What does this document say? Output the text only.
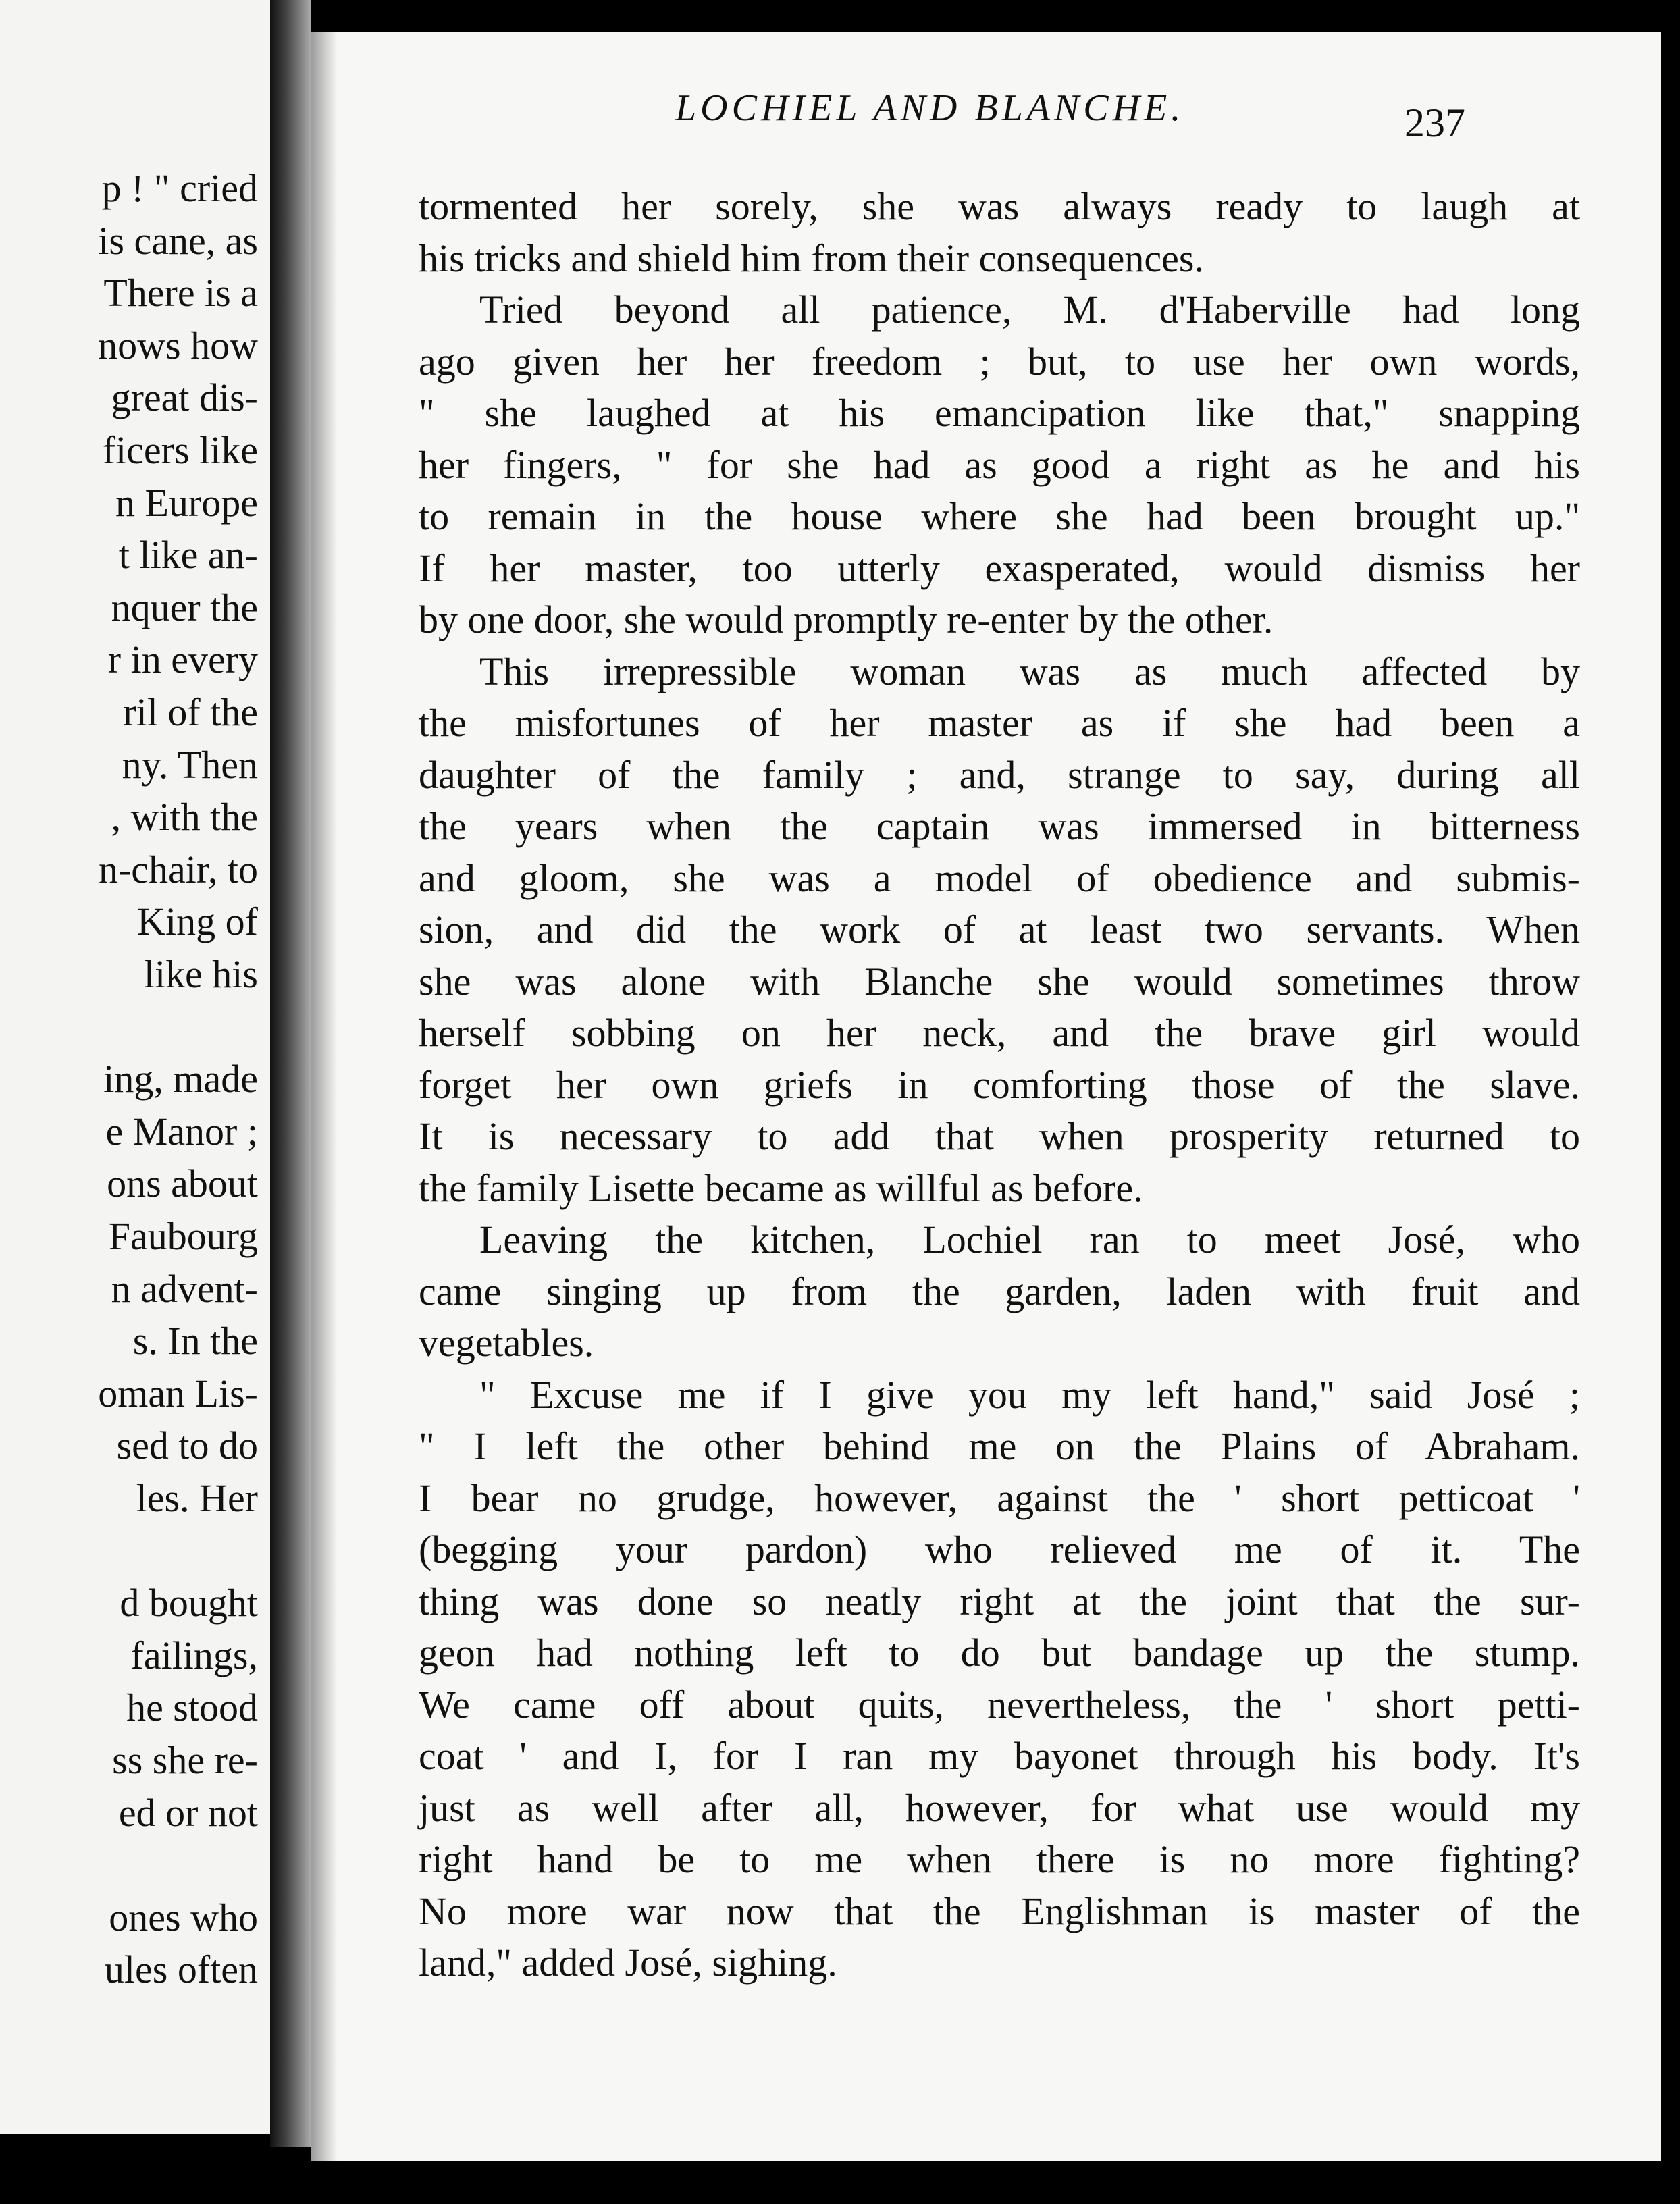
p ! " cried
is cane, as
There is a
nows how
great dis-
ficers like
n Europe
t like an-
nquer the
r in every
ril of the
ny. Then
, with the
n-chair, to
King of
like his
ing, made
e Manor ;
ons about
Faubourg
n advent-
s. In the
oman Lis-
sed to do
les. Her
d bought
failings,
he stood
ss she re-
ed or not
ones who
ules often
LOCHIEL AND BLANCHE.	237
tormented her sorely, she was always ready to laugh at
his tricks and shield him from their consequences.
Tried beyond all patience, M. d'Haberville had long
ago given her her freedom ; but, to use her own words,
" she laughed at his emancipation like that," snapping
her fingers, " for she had as good a right as he and his
to remain in the house where she had been brought up."
If her master, too utterly exasperated, would dismiss her
by one door, she would promptly re-enter by the other.
This irrepressible woman was as much affected by
the misfortunes of her master as if she had been a
daughter of the family ; and, strange to say, during all
the years when the captain was immersed in bitterness
and gloom, she was a model of obedience and submis-
sion, and did the work of at least two servants. When
she was alone with Blanche she would sometimes throw
herself sobbing on her neck, and the brave girl would
forget her own griefs in comforting those of the slave.
It is necessary to add that when prosperity returned to
the family Lisette became as willful as before.
Leaving the kitchen, Lochiel ran to meet José, who
came singing up from the garden, laden with fruit and
vegetables.
" Excuse me if I give you my left hand," said José ;
" I left the other behind me on the Plains of Abraham.
I bear no grudge, however, against the ' short petticoat '
(begging your pardon) who relieved me of it. The
thing was done so neatly right at the joint that the sur-
geon had nothing left to do but bandage up the stump.
We came off about quits, nevertheless, the ' short petti-
coat ' and I, for I ran my bayonet through his body. It's
just as well after all, however, for what use would my
right hand be to me when there is no more fighting?
No more war now that the Englishman is master of the
land," added José, sighing.
